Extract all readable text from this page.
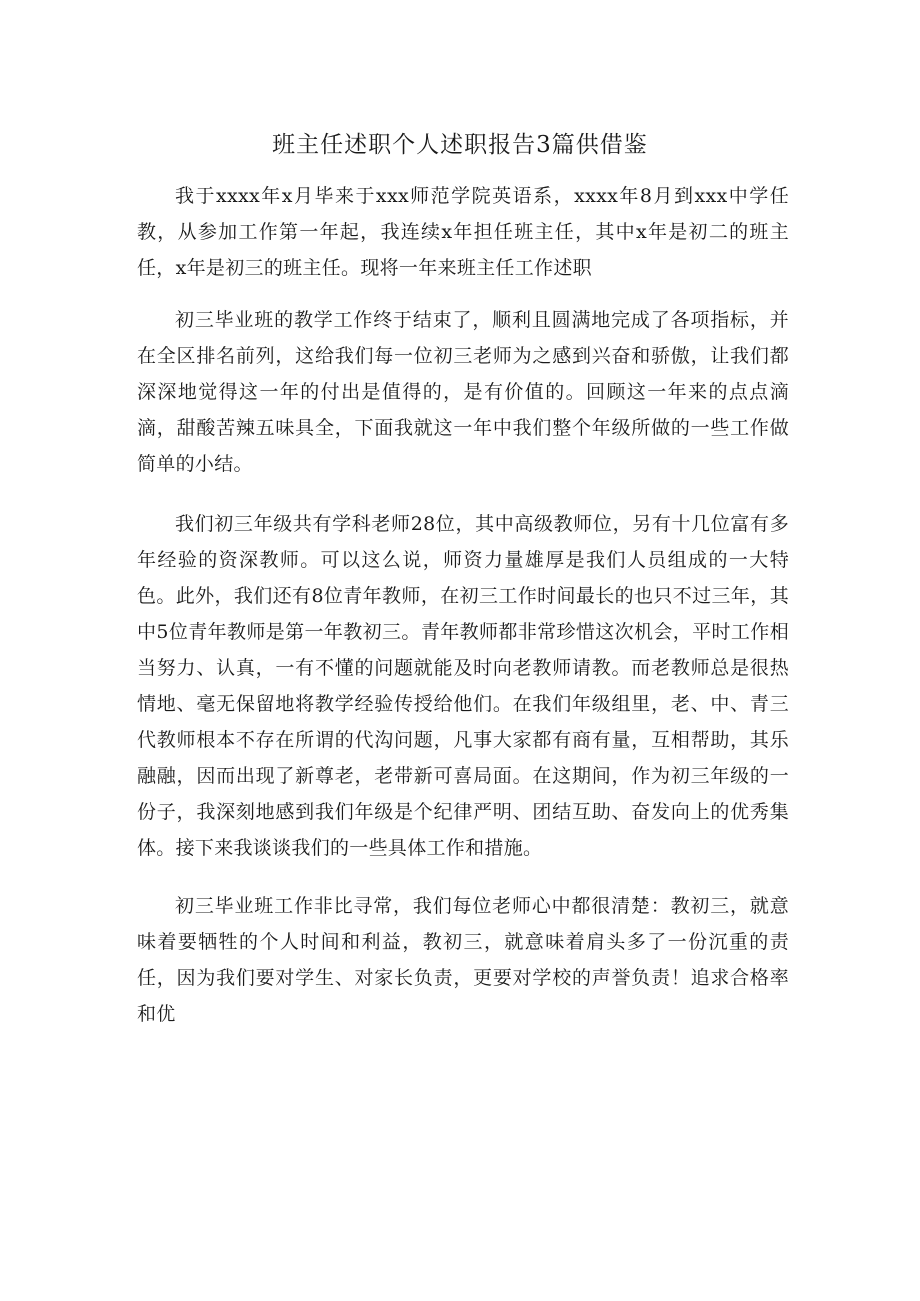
班主任述职个人述职报告3篇供借鉴

我于xxxx年x月毕来于xxx师范学院英语系，xxxx年8月到xxx中学任教，从参加工作第一年起，我连续x年担任班主任，其中x年是初二的班主任，x年是初三的班主任。现将一年来班主任工作述职

初三毕业班的教学工作终于结束了，顺利且圆满地完成了各项指标，并在全区排名前列，这给我们每一位初三老师为之感到兴奋和骄傲，让我们都深深地觉得这一年的付出是值得的，是有价值的。回顾这一年来的点点滴滴，甜酸苦辣五味具全，下面我就这一年中我们整个年级所做的一些工作做简单的小结。

我们初三年级共有学科老师28位，其中高级教师位，另有十几位富有多年经验的资深教师。可以这么说，师资力量雄厚是我们人员组成的一大特色。此外，我们还有8位青年教师，在初三工作时间最长的也只不过三年，其中5位青年教师是第一年教初三。青年教师都非常珍惜这次机会，平时工作相当努力、认真，一有不懂的问题就能及时向老教师请教。而老教师总是很热情地、毫无保留地将教学经验传授给他们。在我们年级组里，老、中、青三代教师根本不存在所谓的代沟问题，凡事大家都有商有量，互相帮助，其乐融融，因而出现了新尊老，老带新可喜局面。在这期间，作为初三年级的一份子，我深刻地感到我们年级是个纪律严明、团结互助、奋发向上的优秀集体。接下来我谈谈我们的一些具体工作和措施。

初三毕业班工作非比寻常，我们每位老师心中都很清楚：教初三，就意味着要牺牲的个人时间和利益，教初三，就意味着肩头多了一份沉重的责任，因为我们要对学生、对家长负责，更要对学校的声誉负责！追求合格率和优
